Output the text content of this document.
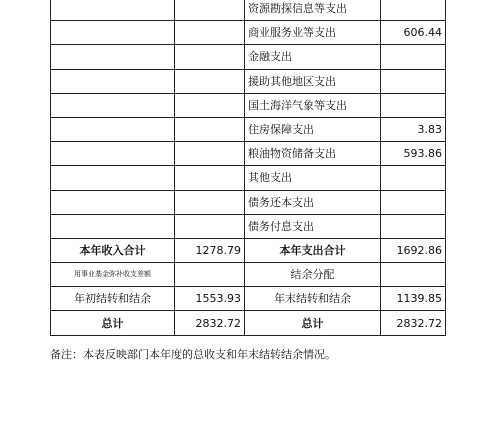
		资源勘探信息等支出	
		商业服务业等支出	606.44
		金融支出	
		援助其他地区支出	
		国土海洋气象等支出	
		住房保障支出	3.83
		粮油物资储备支出	593.86
		其他支出	
		债务还本支出	
		债务付息支出	
本年收入合计	1278.79	本年支出合计	1692.86
用事业基金弥补收支差额		结余分配	
年初结转和结余	1553.93	年末结转和结余	1139.85
总计	2832.72	总计	2832.72
备注：本表反映部门本年度的总收支和年末结转结余情况。
